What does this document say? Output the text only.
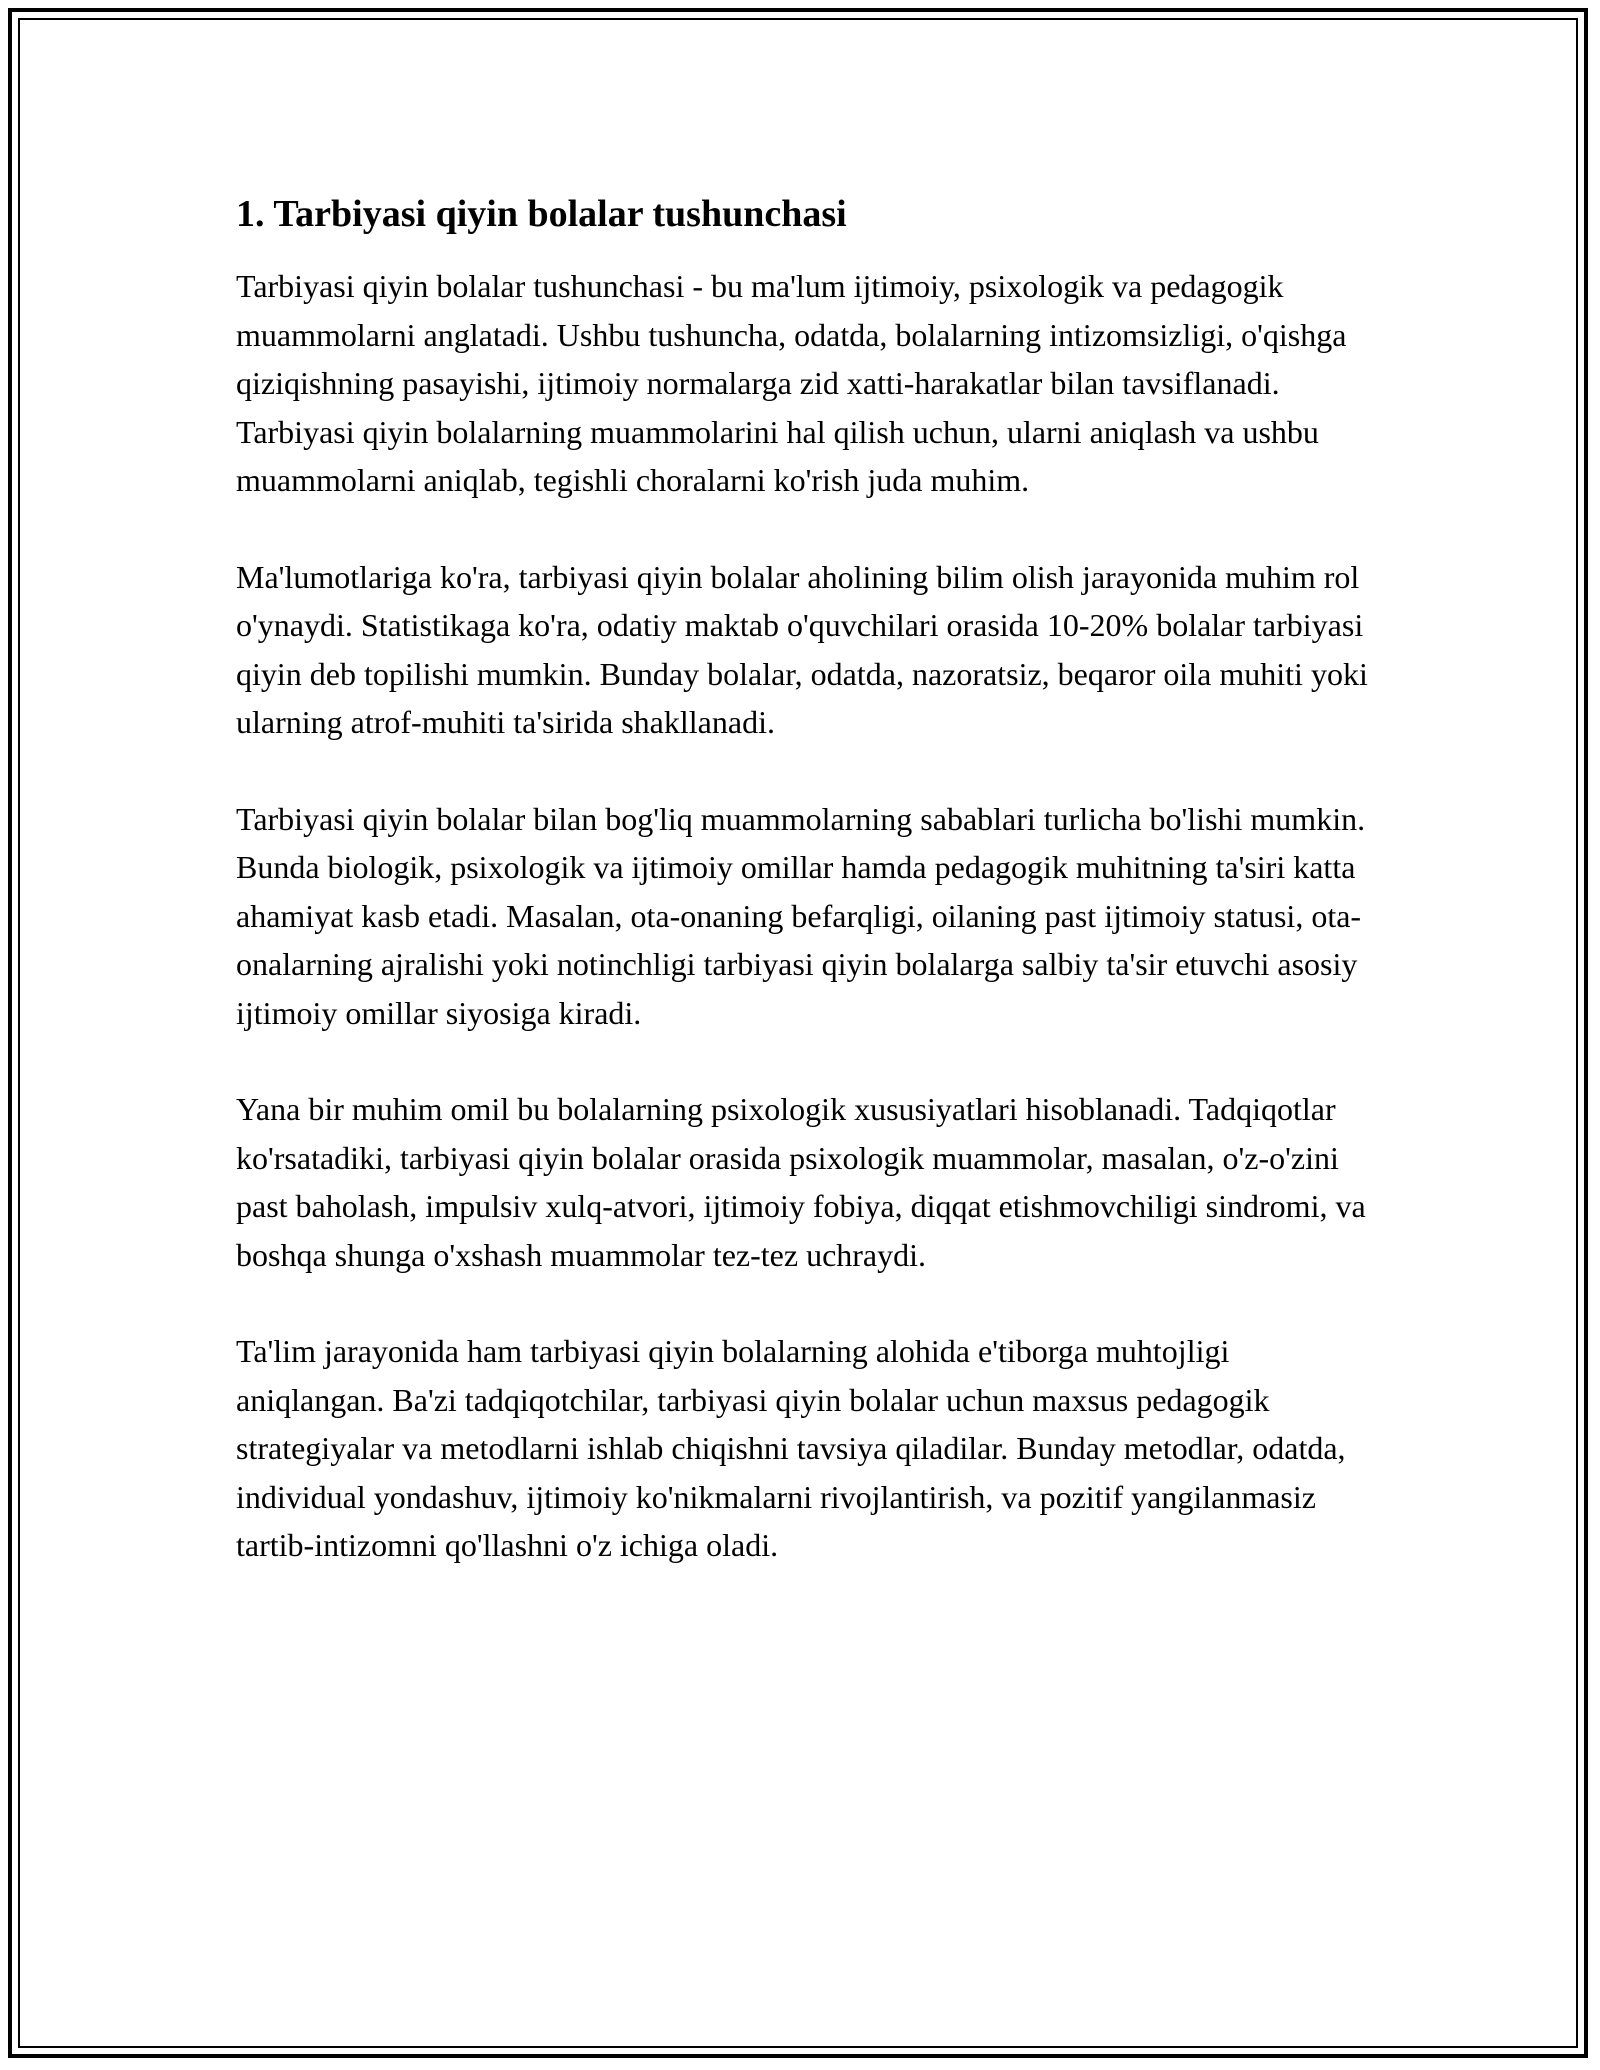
1. Tarbiyasi qiyin bolalar tushunchasi

Tarbiyasi qiyin bolalar tushunchasi - bu ma'lum ijtimoiy, psixologik va pedagogik muammolarni anglatadi. Ushbu tushuncha, odatda, bolalarning intizomsizligi, o'qishga qiziqishning pasayishi, ijtimoiy normalarga zid xatti-harakatlar bilan tavsiflanadi. Tarbiyasi qiyin bolalarning muammolarini hal qilish uchun, ularni aniqlash va ushbu muammolarni aniqlab, tegishli choralarni ko'rish juda muhim.

Ma'lumotlariga ko'ra, tarbiyasi qiyin bolalar aholining bilim olish jarayonida muhim rol o'ynaydi. Statistikaga ko'ra, odatiy maktab o'quvchilari orasida 10-20% bolalar tarbiyasi qiyin deb topilishi mumkin. Bunday bolalar, odatda, nazoratsiz, beqaror oila muhiti yoki ularning atrof-muhiti ta'sirida shakllanadi.

Tarbiyasi qiyin bolalar bilan bog'liq muammolarning sabablari turlicha bo'lishi mumkin. Bunda biologik, psixologik va ijtimoiy omillar hamda pedagogik muhitning ta'siri katta ahamiyat kasb etadi. Masalan, ota-onaning befarqligi, oilaning past ijtimoiy statusi, ota-onalarning ajralishi yoki notinchligi tarbiyasi qiyin bolalarga salbiy ta'sir etuvchi asosiy ijtimoiy omillar siyosiga kiradi.

Yana bir muhim omil bu bolalarning psixologik xususiyatlari hisoblanadi. Tadqiqotlar ko'rsatadiki, tarbiyasi qiyin bolalar orasida psixologik muammolar, masalan, o'z-o'zini past baholash, impulsiv xulq-atvori, ijtimoiy fobiya, diqqat etishmovchiligi sindromi, va boshqa shunga o'xshash muammolar tez-tez uchraydi.

Ta'lim jarayonida ham tarbiyasi qiyin bolalarning alohida e'tiborga muhtojligi aniqlangan. Ba'zi tadqiqotchilar, tarbiyasi qiyin bolalar uchun maxsus pedagogik strategiyalar va metodlarni ishlab chiqishni tavsiya qiladilar. Bunday metodlar, odatda, individual yondashuv, ijtimoiy ko'nikmalarni rivojlantirish, va pozitif yangilanmasiz tartib-intizomni qo'llashni o'z ichiga oladi.
